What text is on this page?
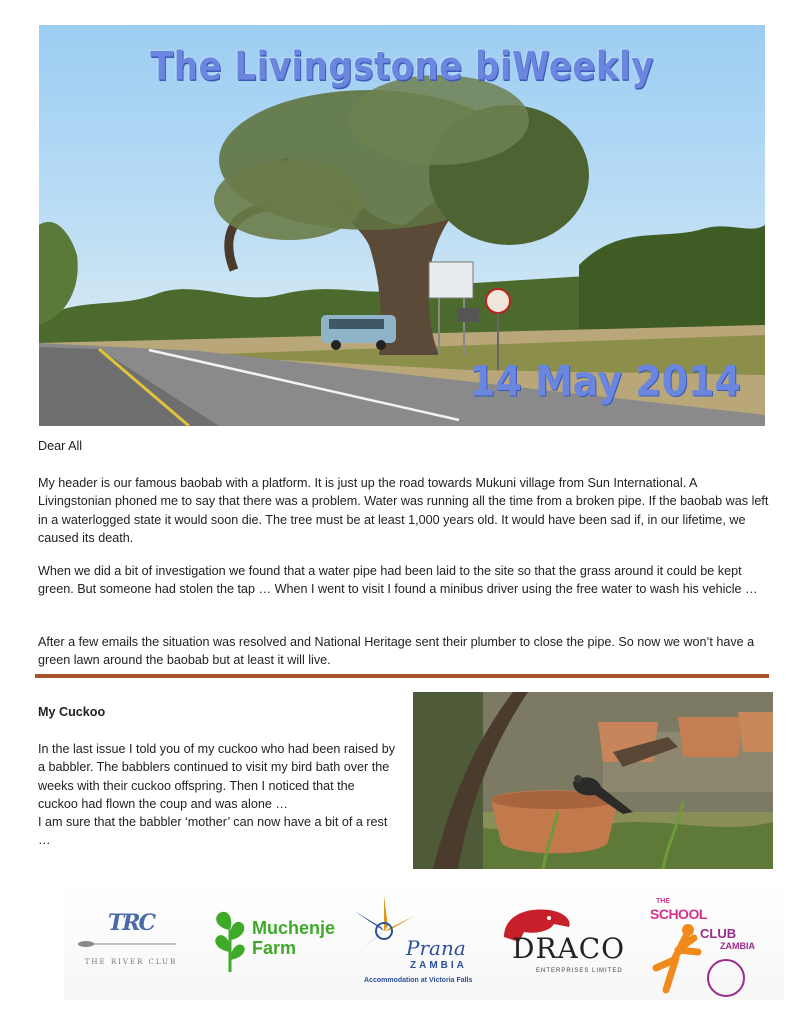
The Livingstone biWeekly
14 May 2014

Dear All

My header is our famous baobab with a platform. It is just up the road towards Mukuni village from Sun International. A Livingstonian phoned me to say that there was a problem. Water was running all the time from a broken pipe. If the baobab was left in a waterlogged state it would soon die. The tree must be at least 1,000 years old. It would have been sad if, in our lifetime, we caused its death.

When we did a bit of investigation we found that a water pipe had been laid to the site so that the grass around it could be kept green. But someone had stolen the tap … When I went to visit I found a minibus driver using the free water to wash his vehicle …

After a few emails the situation was resolved and National Heritage sent their plumber to close the pipe. So now we won’t have a green lawn around the baobab but at least it will live.

My Cuckoo

In the last issue I told you of my cuckoo who had been raised by a babbler. The babblers continued to visit my bird bath over the weeks with their cuckoo offspring. Then I noticed that the cuckoo had flown the coup and was alone …

I am sure that the babbler ‘mother’ can now have a bit of a rest …

TRC
THE RIVER CLUB
Muchenje
Farm	Prana
ZAMBIA
Accommodation at Victoria Falls
DRACO
ENTERPRISES LIMITED
THE
SCHOOL
CLUB
ZAMBIA
